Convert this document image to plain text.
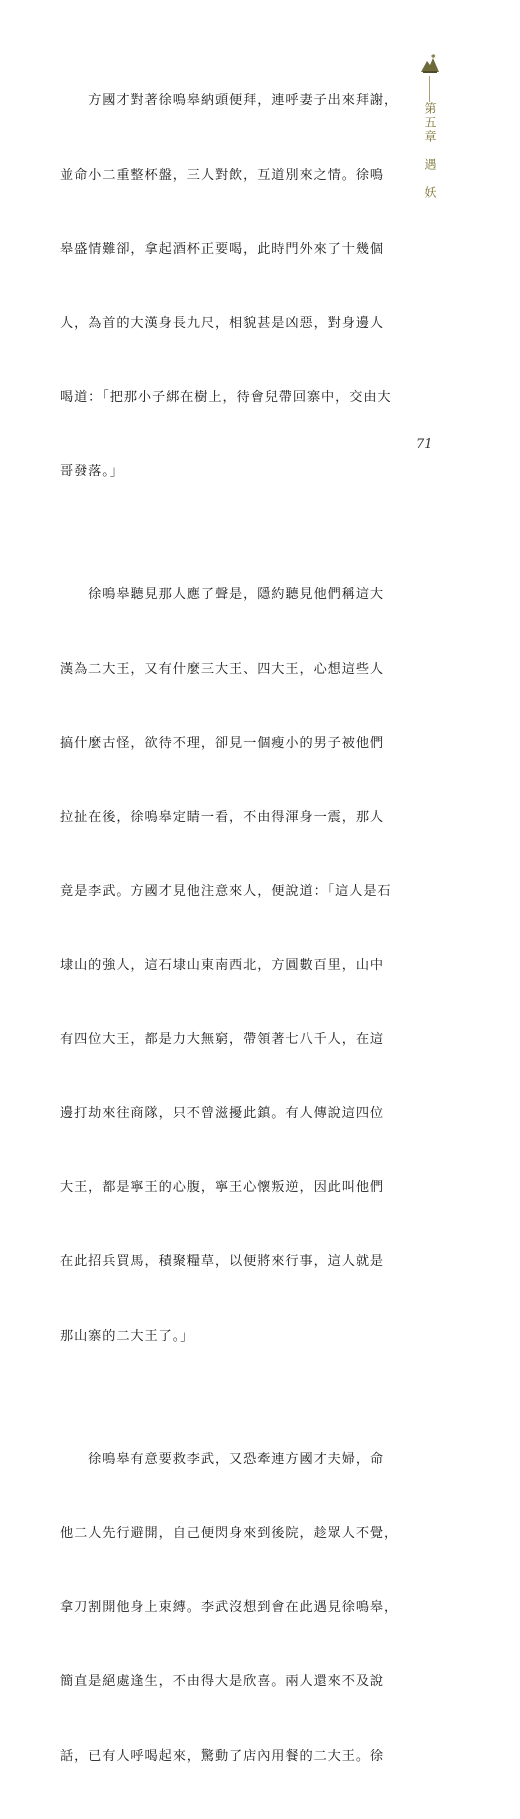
　　方國才對著徐鳴皋納頭便拜，連呼妻子出來拜謝，

並命小二重整杯盤，三人對飲，互道別來之情。徐鳴

皋盛情難卻，拿起酒杯正要喝，此時門外來了十幾個

人，為首的大漢身長九尺，相貌甚是凶惡，對身邊人

喝道：「把那小子綁在樹上，待會兒帶回寨中，交由大

哥發落。」

　　徐鳴皋聽見那人應了聲是，隱約聽見他們稱這大

漢為二大王，又有什麼三大王、四大王，心想這些人

搞什麼古怪，欲待不理，卻見一個瘦小的男子被他們

拉扯在後，徐鳴皋定睛一看，不由得渾身一震，那人

竟是李武。方國才見他注意來人，便說道：「這人是石

埭山的強人，這石埭山東南西北，方圓數百里，山中

有四位大王，都是力大無窮，帶領著七八千人，在這

邊打劫來往商隊，只不曾滋擾此鎮。有人傳說這四位

大王，都是寧王的心腹，寧王心懷叛逆，因此叫他們

在此招兵買馬，積聚糧草，以便將來行事，這人就是

那山寨的二大王了。」

　　徐鳴皋有意要救李武，又恐牽連方國才夫婦，命

他二人先行避開，自己便閃身來到後院，趁眾人不覺，

拿刀割開他身上束縛。李武沒想到會在此遇見徐鳴皋，

簡直是絕處逢生，不由得大是欣喜。兩人還來不及說

話，已有人呼喝起來，驚動了店內用餐的二大王。徐

第五章　遇　妖
71
